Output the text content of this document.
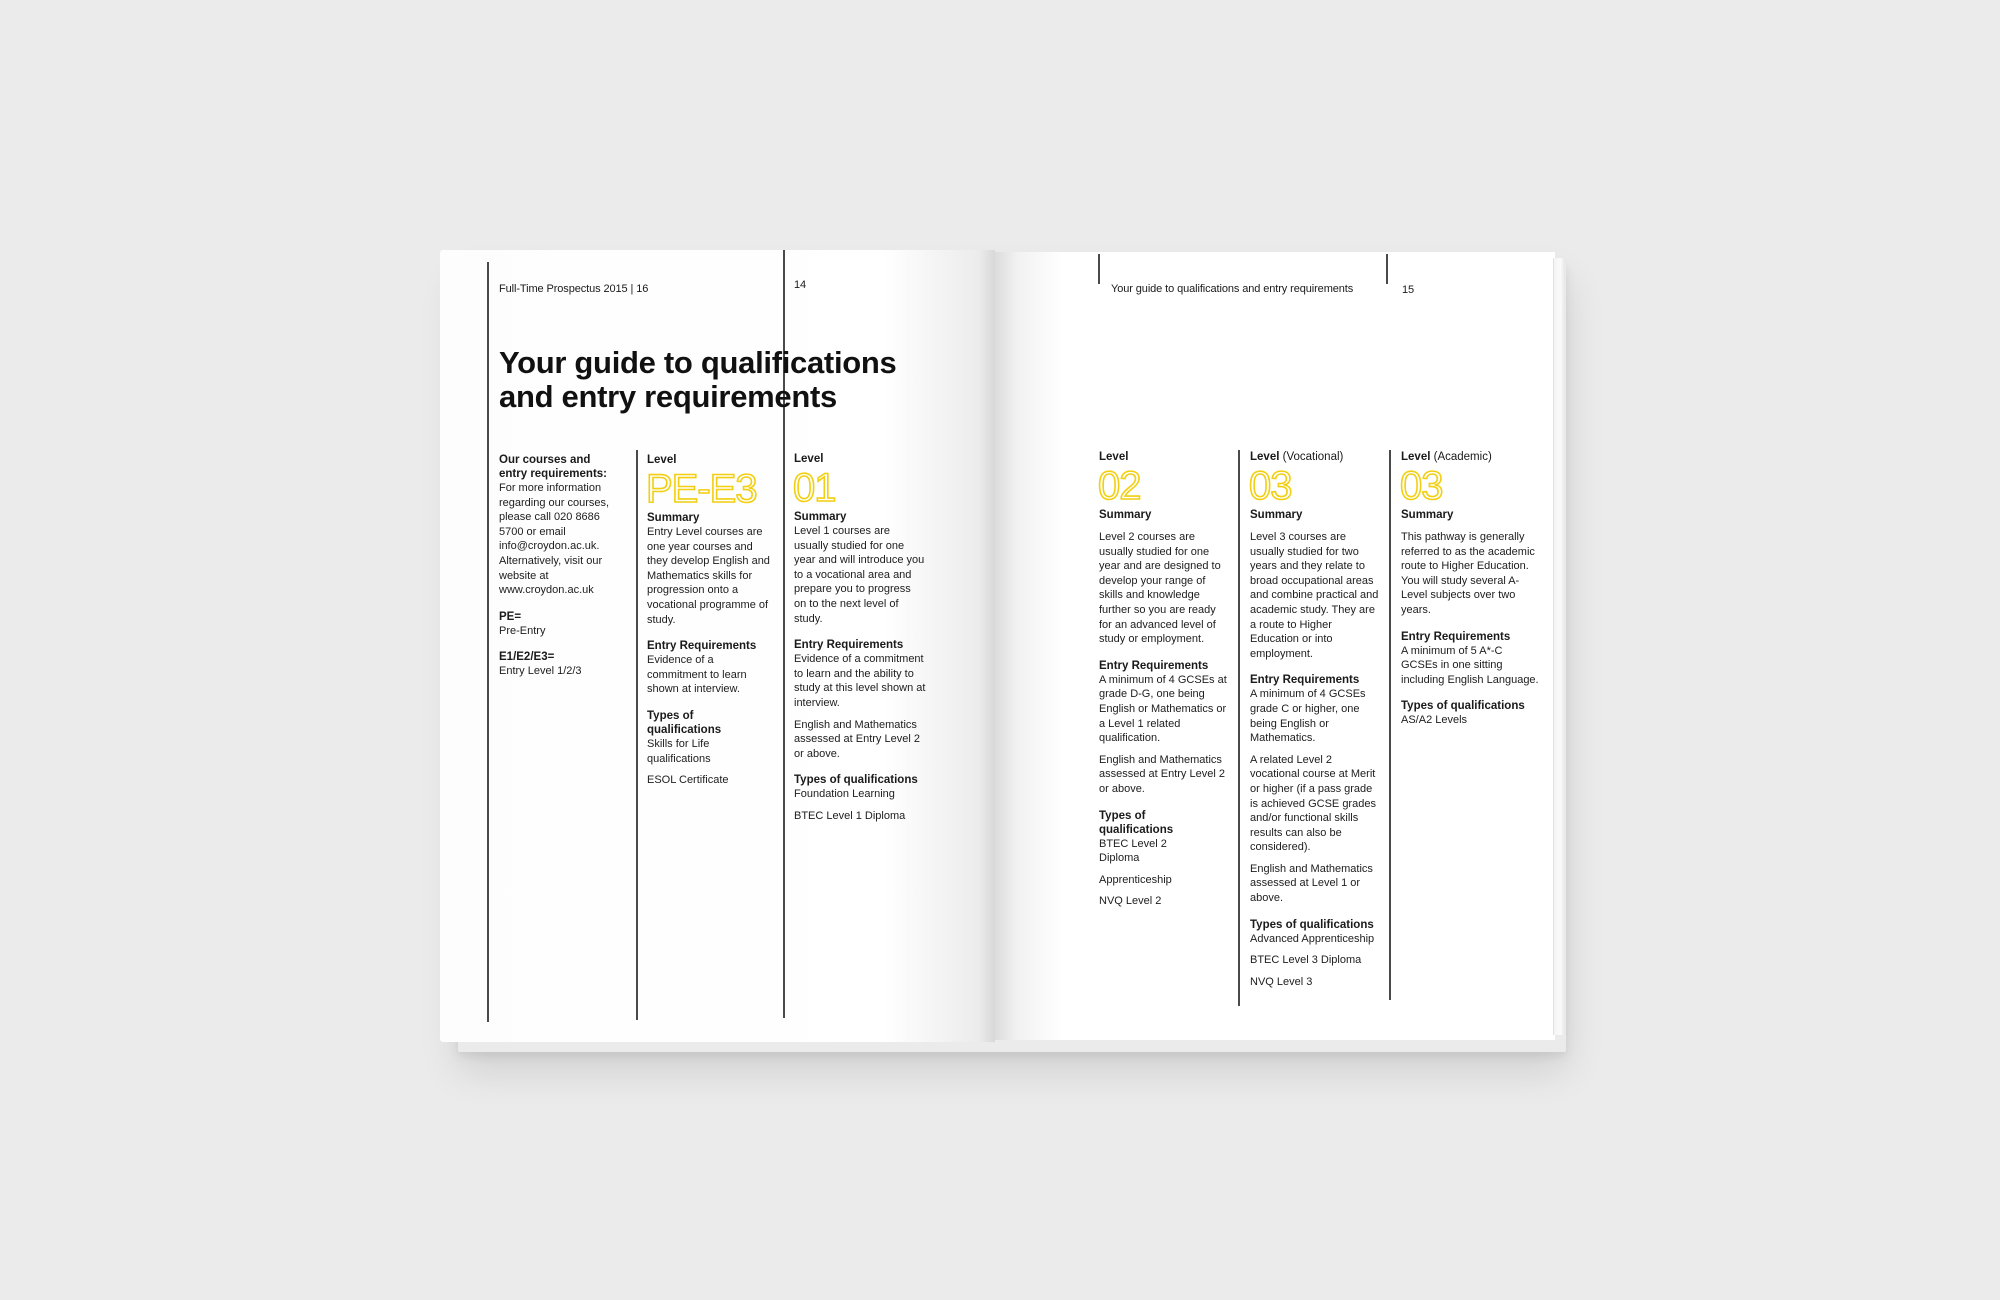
Full-Time Prospectus 2015 | 16	14
Your guide to qualifications
and entry requirements

Our courses and entry requirements:

For more information regarding our courses, please call 020 8686 5700 or email info@croydon.ac.uk. Alternatively, visit our website at www.croydon.ac.uk

PE=

Pre-Entry

E1/E2/E3=

Entry Level 1/2/3

Level
PE-E3

Summary

Entry Level courses are one year courses and they develop English and Mathematics skills for progression onto a vocational programme of study.

Entry Requirements

Evidence of a commitment to learn shown at interview.

Types of qualifications

Skills for Life qualifications

ESOL Certificate

Level
01

Summary

Level 1 courses are usually studied for one year and will introduce you to a vocational area and prepare you to progress on to the next level of study.

Entry Requirements

Evidence of a commitment to learn and the ability to study at this level shown at interview.

English and Mathematics assessed at Entry Level 2 or above.

Types of qualifications

Foundation Learning

BTEC Level 1 Diploma

Your guide to qualifications and entry requirements	15
Level
02

Summary

Level 2 courses are usually studied for one year and are designed to develop your range of skills and knowledge further so you are ready for an advanced level of study or employment.

Entry Requirements

A minimum of 4 GCSEs at grade D-G, one being English or Mathematics or a Level 1 related qualification.

English and Mathematics assessed at Entry Level 2 or above.

Types of qualifications

BTEC Level 2 Diploma

Apprenticeship

NVQ Level 2

Level (Vocational)
03

Summary

Level 3 courses are usually studied for two years and they relate to broad occupational areas and combine practical and academic study. They are a route to Higher Education or into employment.

Entry Requirements

A minimum of 4 GCSEs grade C or higher, one being English or Mathematics.

A related Level 2 vocational course at Merit or higher (if a pass grade is achieved GCSE grades and/or functional skills results can also be considered).

English and Mathematics assessed at Level 1 or above.

Types of qualifications

Advanced Apprenticeship

BTEC Level 3 Diploma

NVQ Level 3

Level (Academic)
03

Summary

This pathway is generally referred to as the academic route to Higher Education. You will study several A-Level subjects over two years.

Entry Requirements

A minimum of 5 A*-C GCSEs in one sitting including English Language.

Types of qualifications

AS/A2 Levels
